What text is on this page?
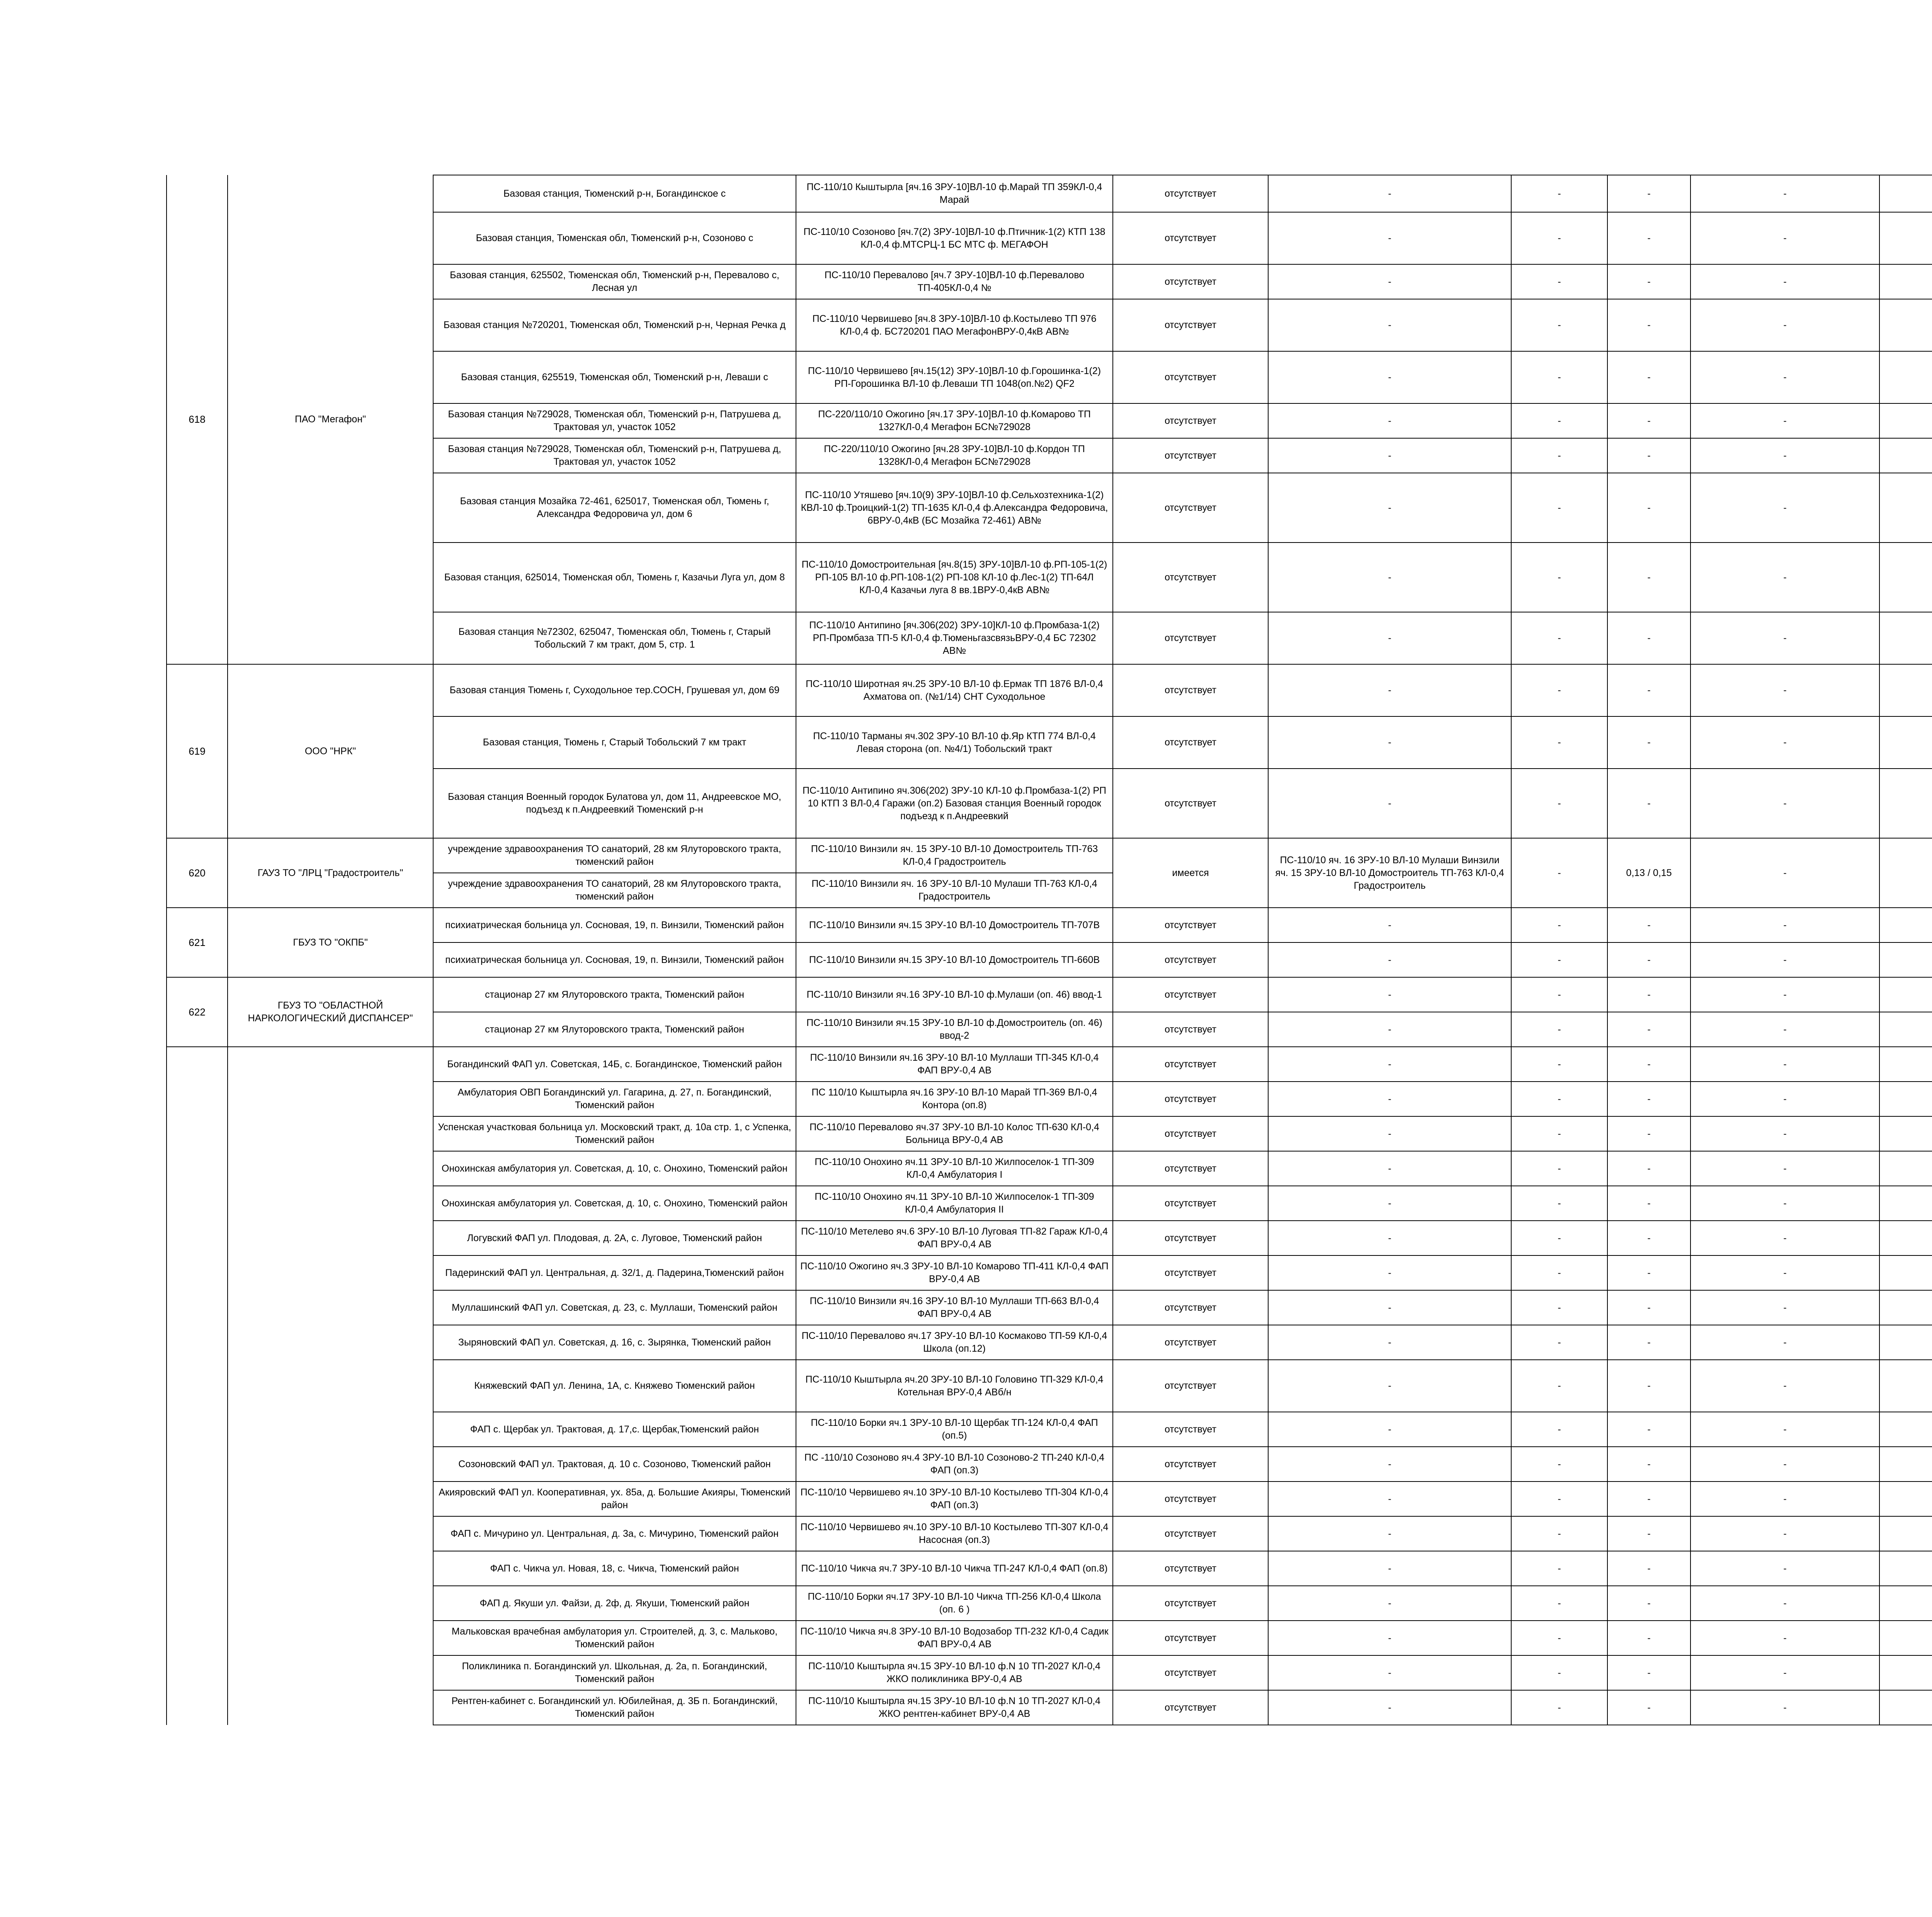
618	ПАО "Мегафон"	Базовая станция, Тюменский р-н, Богандинское с	ПС-110/10 Кыштырла [яч.16 ЗРУ-10]ВЛ-10 ф.Марай ТП 359КЛ-0,4 Марай	отсутствует	-	-	-	-		
		Базовая станция, Тюменская обл, Тюменский р-н, Созоново с	ПС-110/10 Созоново [яч.7(2) ЗРУ-10]ВЛ-10 ф.Птичник-1(2) КТП 138 КЛ-0,4 ф.МТСРЦ-1 БС МТС ф. МЕГАФОН	отсутствует	-	-	-	-		
		Базовая станция, 625502, Тюменская обл, Тюменский р-н, Перевалово с, Лесная ул	ПС-110/10 Перевалово [яч.7 ЗРУ-10]ВЛ-10 ф.Перевалово ТП-405КЛ-0,4 №	отсутствует	-	-	-	-		
		Базовая станция №720201, Тюменская обл, Тюменский р-н, Черная Речка д	ПС-110/10 Червишево [яч.8 ЗРУ-10]ВЛ-10 ф.Костылево ТП 976 КЛ-0,4 ф. БС720201 ПАО МегафонВРУ-0,4кВ АВ№	отсутствует	-	-	-	-		
		Базовая станция, 625519, Тюменская обл, Тюменский р-н, Леваши с	ПС-110/10 Червишево [яч.15(12) ЗРУ-10]ВЛ-10 ф.Горошинка-1(2) РП-Горошинка ВЛ-10 ф.Леваши ТП 1048(оп.№2) QF2	отсутствует	-	-	-	-		
		Базовая станция №729028, Тюменская обл, Тюменский р-н, Патрушева д, Трактовая ул, участок 1052	ПС-220/110/10 Ожогино [яч.17 ЗРУ-10]ВЛ-10 ф.Комарово ТП 1327КЛ-0,4 Мегафон БС№729028	отсутствует	-	-	-	-		
		Базовая станция №729028, Тюменская обл, Тюменский р-н, Патрушева д, Трактовая ул, участок 1052	ПС-220/110/10 Ожогино [яч.28 ЗРУ-10]ВЛ-10 ф.Кордон ТП 1328КЛ-0,4 Мегафон БС№729028	отсутствует	-	-	-	-		
		Базовая станция Мозайка 72-461, 625017, Тюменская обл, Тюмень г, Александра Федоровича ул, дом 6	ПС-110/10 Утяшево [яч.10(9) ЗРУ-10]ВЛ-10 ф.Сельхозтехника-1(2) КВЛ-10 ф.Троицкий-1(2) ТП-1635 КЛ-0,4 ф.Александра Федоровича, 6ВРУ-0,4кВ (БС Мозайка 72-461) АВ№	отсутствует	-	-	-	-		
		Базовая станция, 625014, Тюменская обл, Тюмень г, Казачьи Луга ул, дом 8	ПС-110/10 Домостроительная [яч.8(15) ЗРУ-10]ВЛ-10 ф.РП-105-1(2) РП-105 ВЛ-10 ф.РП-108-1(2) РП-108 КЛ-10 ф.Лес-1(2) ТП-64Л КЛ-0,4 Казачьи луга 8 вв.1ВРУ-0,4кВ АВ№	отсутствует	-	-	-	-		
		Базовая станция №72302, 625047, Тюменская обл, Тюмень г, Старый Тобольский 7 км тракт, дом 5, стр. 1	ПС-110/10 Антипино [яч.306(202) ЗРУ-10]КЛ-10 ф.Промбаза-1(2) РП-Промбаза ТП-5 КЛ-0,4 ф.ТюменьгазсвязьВРУ-0,4 БС 72302 АВ№	отсутствует	-	-	-	-		
619	ООО "НРК"	Базовая станция Тюмень г, Суходольное тер.СОСН, Грушевая ул, дом 69	ПС-110/10 Широтная яч.25 ЗРУ-10 ВЛ-10 ф.Ермак ТП 1876 ВЛ-0,4 Ахматова оп. (№1/14) СНТ Суходольное	отсутствует	-	-	-	-		
		Базовая станция, Тюмень г, Старый Тобольский 7 км тракт	ПС-110/10 Тарманы яч.302 ЗРУ-10 ВЛ-10 ф.Яр КТП 774 ВЛ-0,4 Левая сторона (оп. №4/1) Тобольский тракт	отсутствует	-	-	-	-		
		Базовая станция Военный городок Булатова ул, дом 11, Андреевское МО, подъезд к п.Андреевкий Тюменский р-н	ПС-110/10 Антипино яч.306(202) ЗРУ-10 КЛ-10 ф.Промбаза-1(2) РП 10 КТП 3 ВЛ-0,4 Гаражи (оп.2) Базовая станция Военный городок подъезд к п.Андреевкий	отсутствует	-	-	-	-		
620	ГАУЗ ТО "ЛРЦ "Градостроитель"	учреждение здравоохранения ТО санаторий, 28 км Ялуторовского тракта, тюменский район	ПС-110/10 Винзили яч. 15 ЗРУ-10 ВЛ-10 Домостроитель ТП-763 КЛ-0,4 Градостроитель	имеется	ПС-110/10 яч. 16 ЗРУ-10 ВЛ-10 Мулаши Винзили яч. 15 ЗРУ-10 ВЛ-10 Домостроитель ТП-763 КЛ-0,4 Градостроитель	-	0,13 / 0,15	-		
		учреждение здравоохранения ТО санаторий, 28 км Ялуторовского тракта, тюменский район	ПС-110/10 Винзили яч. 16 ЗРУ-10 ВЛ-10 Мулаши ТП-763 КЛ-0,4 Градостроитель							
621	ГБУЗ ТО "ОКПБ"	психиатрическая больница ул. Сосновая, 19, п. Винзили, Тюменский район	ПС-110/10 Винзили яч.15 ЗРУ-10 ВЛ-10 Домостроитель ТП-707В	отсутствует	-	-	-	-		
		психиатрическая больница ул. Сосновая, 19, п. Винзили, Тюменский район	ПС-110/10 Винзили яч.15 ЗРУ-10 ВЛ-10 Домостроитель ТП-660В	отсутствует	-	-	-	-		
622	ГБУЗ ТО "ОБЛАСТНОЙ НАРКОЛОГИЧЕСКИЙ ДИСПАНСЕР"	стационар 27 км Ялуторовского тракта, Тюменский район	ПС-110/10 Винзили яч.16 ЗРУ-10 ВЛ-10 ф.Мулаши (оп. 46) ввод-1	отсутствует	-	-	-	-		
		стационар 27 км Ялуторовского тракта, Тюменский район	ПС-110/10 Винзили яч.15 ЗРУ-10 ВЛ-10 ф.Домостроитель (оп. 46) ввод-2	отсутствует	-	-	-	-		
		Богандинский ФАП ул. Советская, 14Б, с. Богандинское, Тюменский район	ПС-110/10 Винзили яч.16 ЗРУ-10 ВЛ-10 Муллаши ТП-345 КЛ-0,4 ФАП ВРУ-0,4 АВ	отсутствует	-	-	-	-		
		Амбулатория ОВП Богандинский ул. Гагарина, д. 27, п. Богандинский, Тюменский район	ПС 110/10 Кыштырла яч.16 ЗРУ-10 ВЛ-10 Марай ТП-369 ВЛ-0,4 Контора (оп.8)	отсутствует	-	-	-	-		
		Успенская участковая больница ул. Московский тракт, д. 10а стр. 1, с Успенка, Тюменский район	ПС-110/10 Перевалово яч.37 ЗРУ-10 ВЛ-10 Колос ТП-630 КЛ-0,4 Больница ВРУ-0,4 АВ	отсутствует	-	-	-	-		
		Онохинская амбулатория ул. Советская, д. 10, с. Онохино, Тюменский район	ПС-110/10 Онохино яч.11 ЗРУ-10 ВЛ-10 Жилпоселок-1 ТП-309 КЛ-0,4 Амбулатория I	отсутствует	-	-	-	-		
		Онохинская амбулатория ул. Советская, д. 10, с. Онохино, Тюменский район	ПС-110/10 Онохино яч.11 ЗРУ-10 ВЛ-10 Жилпоселок-1 ТП-309 КЛ-0,4 Амбулатория II	отсутствует	-	-	-	-		
		Логувский ФАП ул. Плодовая, д. 2А, с. Луговое, Тюменский район	ПС-110/10 Метелево яч.6 ЗРУ-10 ВЛ-10 Луговая ТП-82 Гараж КЛ-0,4 ФАП ВРУ-0,4 АВ	отсутствует	-	-	-	-		
		Падеринский ФАП ул. Центральная, д. 32/1, д. Падерина,Тюменский район	ПС-110/10 Ожогино яч.3 ЗРУ-10 ВЛ-10 Комарово ТП-411 КЛ-0,4 ФАП ВРУ-0,4 АВ	отсутствует	-	-	-	-		
		Муллашинский ФАП ул. Советская, д. 23, с. Муллаши, Тюменский район	ПС-110/10 Винзили яч.16 ЗРУ-10 ВЛ-10 Муллаши ТП-663 ВЛ-0,4 ФАП ВРУ-0,4 АВ	отсутствует	-	-	-	-		
		Зыряновский ФАП ул. Советская, д. 16, с. Зырянка, Тюменский район	ПС-110/10 Перевалово яч.17 ЗРУ-10 ВЛ-10 Космаково ТП-59 КЛ-0,4 Школа (оп.12)	отсутствует	-	-	-	-		
		Княжевский ФАП ул. Ленина, 1А, с. Княжево Тюменский район	ПС-110/10 Кыштырла яч.20 ЗРУ-10 ВЛ-10 Головино ТП-329 КЛ-0,4 Котельная ВРУ-0,4 АВб/н	отсутствует	-	-	-	-		
		ФАП с. Щербак ул. Трактовая, д. 17,с. Щербак,Тюменский район	ПС-110/10 Борки яч.1 ЗРУ-10 ВЛ-10 Щербак ТП-124 КЛ-0,4 ФАП (оп.5)	отсутствует	-	-	-	-		
		Созоновский ФАП ул. Трактовая, д. 10 с. Созоново, Тюменский район	ПС -110/10 Созоново яч.4 ЗРУ-10 ВЛ-10 Созоново-2 ТП-240 КЛ-0,4 ФАП (оп.3)	отсутствует	-	-	-	-		
		Акияровский ФАП ул. Кооперативная, ух. 85а, д. Большие Акияры, Тюменский район	ПС-110/10 Червишево яч.10 ЗРУ-10 ВЛ-10 Костылево ТП-304 КЛ-0,4 ФАП (оп.3)	отсутствует	-	-	-	-		
		ФАП с. Мичурино ул. Центральная, д. 3а, с. Мичурино, Тюменский район	ПС-110/10 Червишево яч.10 ЗРУ-10 ВЛ-10 Костылево ТП-307 КЛ-0,4 Насосная (оп.3)	отсутствует	-	-	-	-		
		ФАП с. Чикча ул. Новая, 18, с. Чикча, Тюменский район	ПС-110/10 Чикча яч.7 ЗРУ-10 ВЛ-10 Чикча ТП-247 КЛ-0,4 ФАП (оп.8)	отсутствует	-	-	-	-		
		ФАП д. Якуши ул. Файзи, д. 2ф, д. Якуши, Тюменский район	ПС-110/10 Борки яч.17 ЗРУ-10 ВЛ-10 Чикча ТП-256 КЛ-0,4 Школа (оп. 6 )	отсутствует	-	-	-	-		
		Мальковская врачебная амбулатория ул. Строителей, д. 3, с. Мальково, Тюменский район	ПС-110/10 Чикча яч.8 ЗРУ-10 ВЛ-10 Водозабор ТП-232 КЛ-0,4 Садик ФАП ВРУ-0,4 АВ	отсутствует	-	-	-	-		
		Поликлиника п. Богандинский ул. Школьная, д. 2а, п. Богандинский, Тюменский район	ПС-110/10 Кыштырла яч.15 ЗРУ-10 ВЛ-10 ф.N 10 ТП-2027 КЛ-0,4 ЖКО поликлиника ВРУ-0,4 АВ	отсутствует	-	-	-	-		
		Рентген-кабинет с. Богандинский ул. Юбилейная, д. 3Б п. Богандинский, Тюменский район	ПС-110/10 Кыштырла яч.15 ЗРУ-10 ВЛ-10 ф.N 10 ТП-2027 КЛ-0,4 ЖКО рентген-кабинет ВРУ-0,4 АВ	отсутствует	-	-	-	-		
